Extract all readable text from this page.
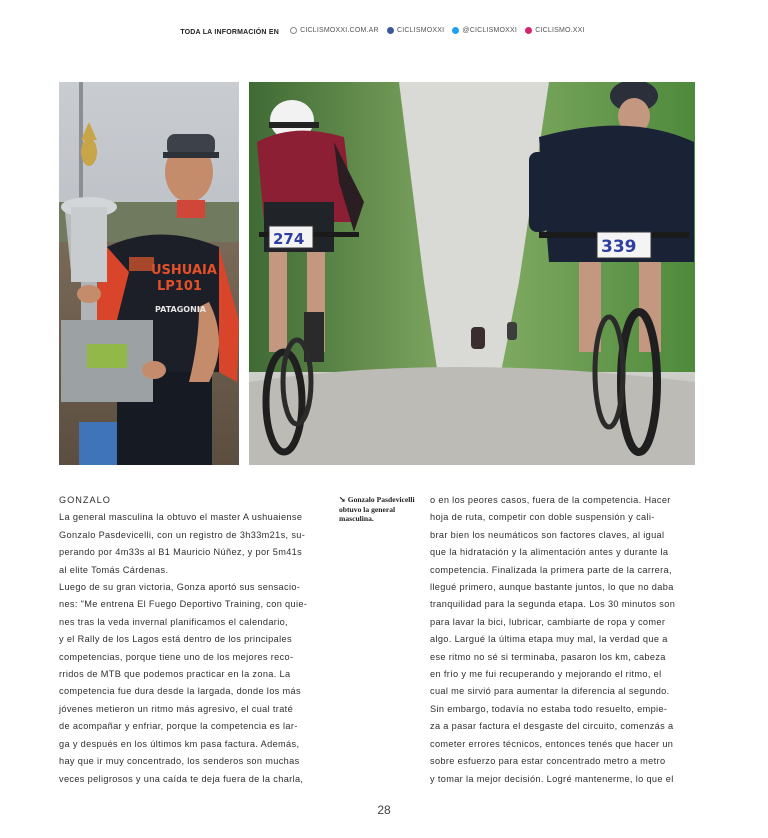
TODA LA INFORMACIÓN EN	CICLISMOXXI.COM.AR
	CICLISMOXXI
	@CICLISMOXXI
	CICLISMO.XXI
USHUAIA
LP101
PATAGONIA
274	339
➘ Gonzalo Pasdevicelli obtuvo la general masculina.

GONZALO

La general masculina la obtuvo el master A ushuaiense

Gonzalo Pasdevicelli, con un registro de 3h33m21s, su-

perando por 4m33s al B1 Mauricio Núñez, y por 5m41s

al elite Tomás Cárdenas.

Luego de su gran victoria, Gonza aportó sus sensacio-

nes: "Me entrena El Fuego Deportivo Training, con quie-

nes tras la veda invernal planificamos el calendario,

y el Rally de los Lagos está dentro de los principales

competencias, porque tiene uno de los mejores reco-

rridos de MTB que podemos practicar en la zona. La

competencia fue dura desde la largada, donde los más

jóvenes metieron un ritmo más agresivo, el cual traté

de acompañar y enfriar, porque la competencia es lar-

ga y después en los últimos km pasa factura. Además,

hay que ir muy concentrado, los senderos son muchas

veces peligrosos y una caída te deja fuera de la charla,

o en los peores casos, fuera de la competencia. Hacer

hoja de ruta, competir con doble suspensión y cali-

brar bien los neumáticos son factores claves, al igual

que la hidratación y la alimentación antes y durante la

competencia. Finalizada la primera parte de la carrera,

llegué primero, aunque bastante juntos, lo que no daba

tranquilidad para la segunda etapa. Los 30 minutos son

para lavar la bici, lubricar, cambiarte de ropa y comer

algo. Largué la última etapa muy mal, la verdad que a

ese ritmo no sé si terminaba, pasaron los km, cabeza

en frío y me fui recuperando y mejorando el ritmo, el

cual me sirvió para aumentar la diferencia al segundo.

Sin embargo, todavía no estaba todo resuelto, empie-

za a pasar factura el desgaste del circuito, comenzás a

cometer errores técnicos, entonces tenés que hacer un

sobre esfuerzo para estar concentrado metro a metro

y tomar la mejor decisión. Logré mantenerme, lo que el

28
